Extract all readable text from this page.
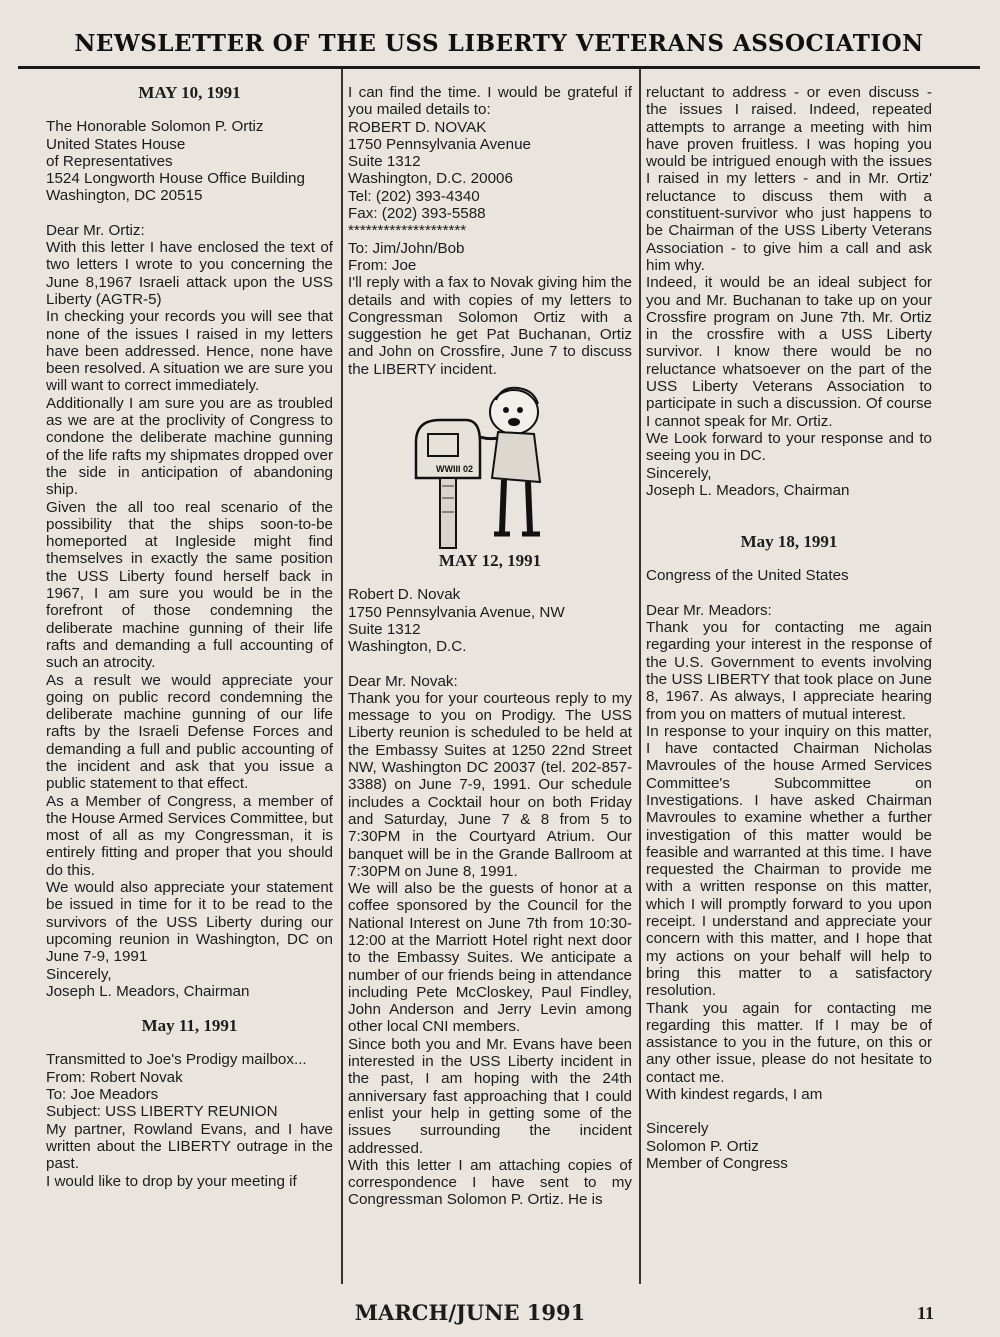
NEWSLETTER OF THE USS LIBERTY VETERANS ASSOCIATION

MAY 10, 1991

The Honorable Solomon P. Ortiz

United States House

of Representatives

1524 Longworth House Office Building

Washington, DC 20515

Dear Mr. Ortiz:

With this letter I have enclosed the text of two letters I wrote to you concerning the June 8,1967 Israeli attack upon the USS Liberty (AGTR-5)

In checking your records you will see that none of the issues I raised in my letters have been addressed. Hence, none have been resolved. A situation we are sure you will want to correct immediately.

Additionally I am sure you are as troubled as we are at the proclivity of Congress to condone the deliberate machine gunning of the life rafts my shipmates dropped over the side in anticipation of abandoning ship.

Given the all too real scenario of the possibility that the ships soon-to-be homeported at Ingleside might find themselves in exactly the same position the USS Liberty found herself back in 1967, I am sure you would be in the forefront of those condemning the deliberate machine gunning of their life rafts and demanding a full accounting of such an atrocity.

As a result we would appreciate your going on public record condemning the deliberate machine gunning of our life rafts by the Israeli Defense Forces and demanding a full and public accounting of the incident and ask that you issue a public statement to that effect.

As a Member of Congress, a member of the House Armed Services Committee, but most of all as my Congressman, it is entirely fitting and proper that you should do this.

We would also appreciate your statement be issued in time for it to be read to the survivors of the USS Liberty during our upcoming reunion in Washington, DC on June 7-9, 1991

Sincerely,

Joseph L. Meadors, Chairman

May 11, 1991

Transmitted to Joe's Prodigy mailbox...

From: Robert Novak

To: Joe Meadors

Subject: USS LIBERTY REUNION

My partner, Rowland Evans, and I have written about the LIBERTY outrage in the past.

I would like to drop by your meeting if

I can find the time. I would be grateful if you mailed details to:

ROBERT D. NOVAK

1750 Pennsylvania Avenue

Suite 1312

Washington, D.C. 20006

Tel: (202) 393-4340

Fax: (202) 393-5588

********************

To: Jim/John/Bob

From: Joe

I'll reply with a fax to Novak giving him the details and with copies of my letters to Congressman Solomon Ortiz with a suggestion he get Pat Buchanan, Ortiz and John on Crossfire, June 7 to discuss the LIBERTY incident.

WWIII 02

MAY 12, 1991

Robert D. Novak

1750 Pennsylvania Avenue, NW

Suite 1312

Washington, D.C.

Dear Mr. Novak:

Thank you for your courteous reply to my message to you on Prodigy. The USS Liberty reunion is scheduled to be held at the Embassy Suites at 1250 22nd Street NW, Washington DC 20037 (tel. 202-857-3388) on June 7-9, 1991. Our schedule includes a Cocktail hour on both Friday and Saturday, June 7 & 8 from 5 to 7:30PM in the Courtyard Atrium. Our banquet will be in the Grande Ballroom at 7:30PM on June 8, 1991.

We will also be the guests of honor at a coffee sponsored by the Council for the National Interest on June 7th from 10:30-12:00 at the Marriott Hotel right next door to the Embassy Suites. We anticipate a number of our friends being in attendance including Pete McCloskey, Paul Findley, John Anderson and Jerry Levin among other local CNI members.

Since both you and Mr. Evans have been interested in the USS Liberty incident in the past, I am hoping with the 24th anniversary fast approaching that I could enlist your help in getting some of the issues surrounding the incident addressed.

With this letter I am attaching copies of correspondence I have sent to my Congressman Solomon P. Ortiz. He is

reluctant to address - or even discuss - the issues I raised. Indeed, repeated attempts to arrange a meeting with him have proven fruitless. I was hoping you would be intrigued enough with the issues I raised in my letters - and in Mr. Ortiz' reluctance to discuss them with a constituent-survivor who just happens to be Chairman of the USS Liberty Veterans Association - to give him a call and ask him why.

Indeed, it would be an ideal subject for you and Mr. Buchanan to take up on your Crossfire program on June 7th. Mr. Ortiz in the crossfire with a USS Liberty survivor. I know there would be no reluctance whatsoever on the part of the USS Liberty Veterans Association to participate in such a discussion. Of course I cannot speak for Mr. Ortiz.

We Look forward to your response and to seeing you in DC.

Sincerely,

Joseph L. Meadors, Chairman

May 18, 1991

Congress of the United States

Dear Mr. Meadors:

Thank you for contacting me again regarding your interest in the response of the U.S. Government to events involving the USS LIBERTY that took place on June 8, 1967. As always, I appreciate hearing from you on matters of mutual interest.

In response to your inquiry on this matter, I have contacted Chairman Nicholas Mavroules of the house Armed Services Committee's Subcommittee on Investigations. I have asked Chairman Mavroules to examine whether a further investigation of this matter would be feasible and warranted at this time. I have requested the Chairman to provide me with a written response on this matter, which I will promptly forward to you upon receipt. I understand and appreciate your concern with this matter, and I hope that my actions on your behalf will help to bring this matter to a satisfactory resolution.

Thank you again for contacting me regarding this matter. If I may be of assistance to you in the future, on this or any other issue, please do not hesitate to contact me.

With kindest regards, I am

Sincerely

Solomon P. Ortiz

Member of Congress

MARCH/JUNE 1991	11
